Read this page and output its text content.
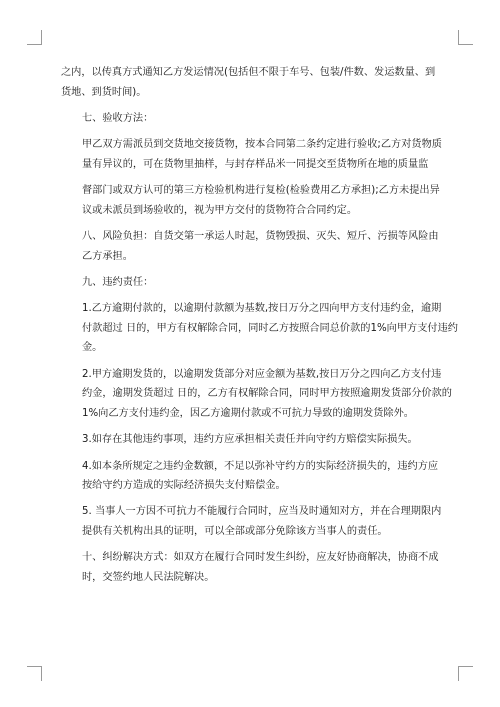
之内，以传真方式通知乙方发运情况(包括但不限于车号、包装/件数、发运数量、到
货地、到货时间)。
七、验收方法：
甲乙双方需派员到交货地交接货物，按本合同第二条约定进行验收;乙方对货物质
量有异议的，可在货物里抽样，与封存样品米一同提交至货物所在地的质量监
督部门或双方认可的第三方检验机构进行复检(检验费用乙方承担);乙方未提出异
议或未派员到场验收的，视为甲方交付的货物符合合同约定。
八、风险负担：自货交第一承运人时起，货物毁损、灭失、短斤、污损等风险由
乙方承担。
九、违约责任：
1.乙方逾期付款的，以逾期付款额为基数,按日万分之四向甲方支付违约金，逾期
付款超过 日的，甲方有权解除合同，同时乙方按照合同总价款的1%向甲方支付违约
金。
2.甲方逾期发货的，以逾期发货部分对应金额为基数,按日万分之四向乙方支付违
约金，逾期发货超过 日的，乙方有权解除合同，同时甲方按照逾期发货部分价款的
1%向乙方支付违约金，因乙方逾期付款或不可抗力导致的逾期发货除外。
3.如存在其他违约事项，违约方应承担相关责任并向守约方赔偿实际损失。
4.如本条所规定之违约金数额，不足以弥补守约方的实际经济损失的，违约方应
按给守约方造成的实际经济损失支付赔偿金。
5. 当事人一方因不可抗力不能履行合同时，应当及时通知对方，并在合理期限内
提供有关机构出具的证明，可以全部或部分免除该方当事人的责任。
十、纠纷解决方式：如双方在履行合同时发生纠纷，应友好协商解决，协商不成
时，交签约地人民法院解决。
